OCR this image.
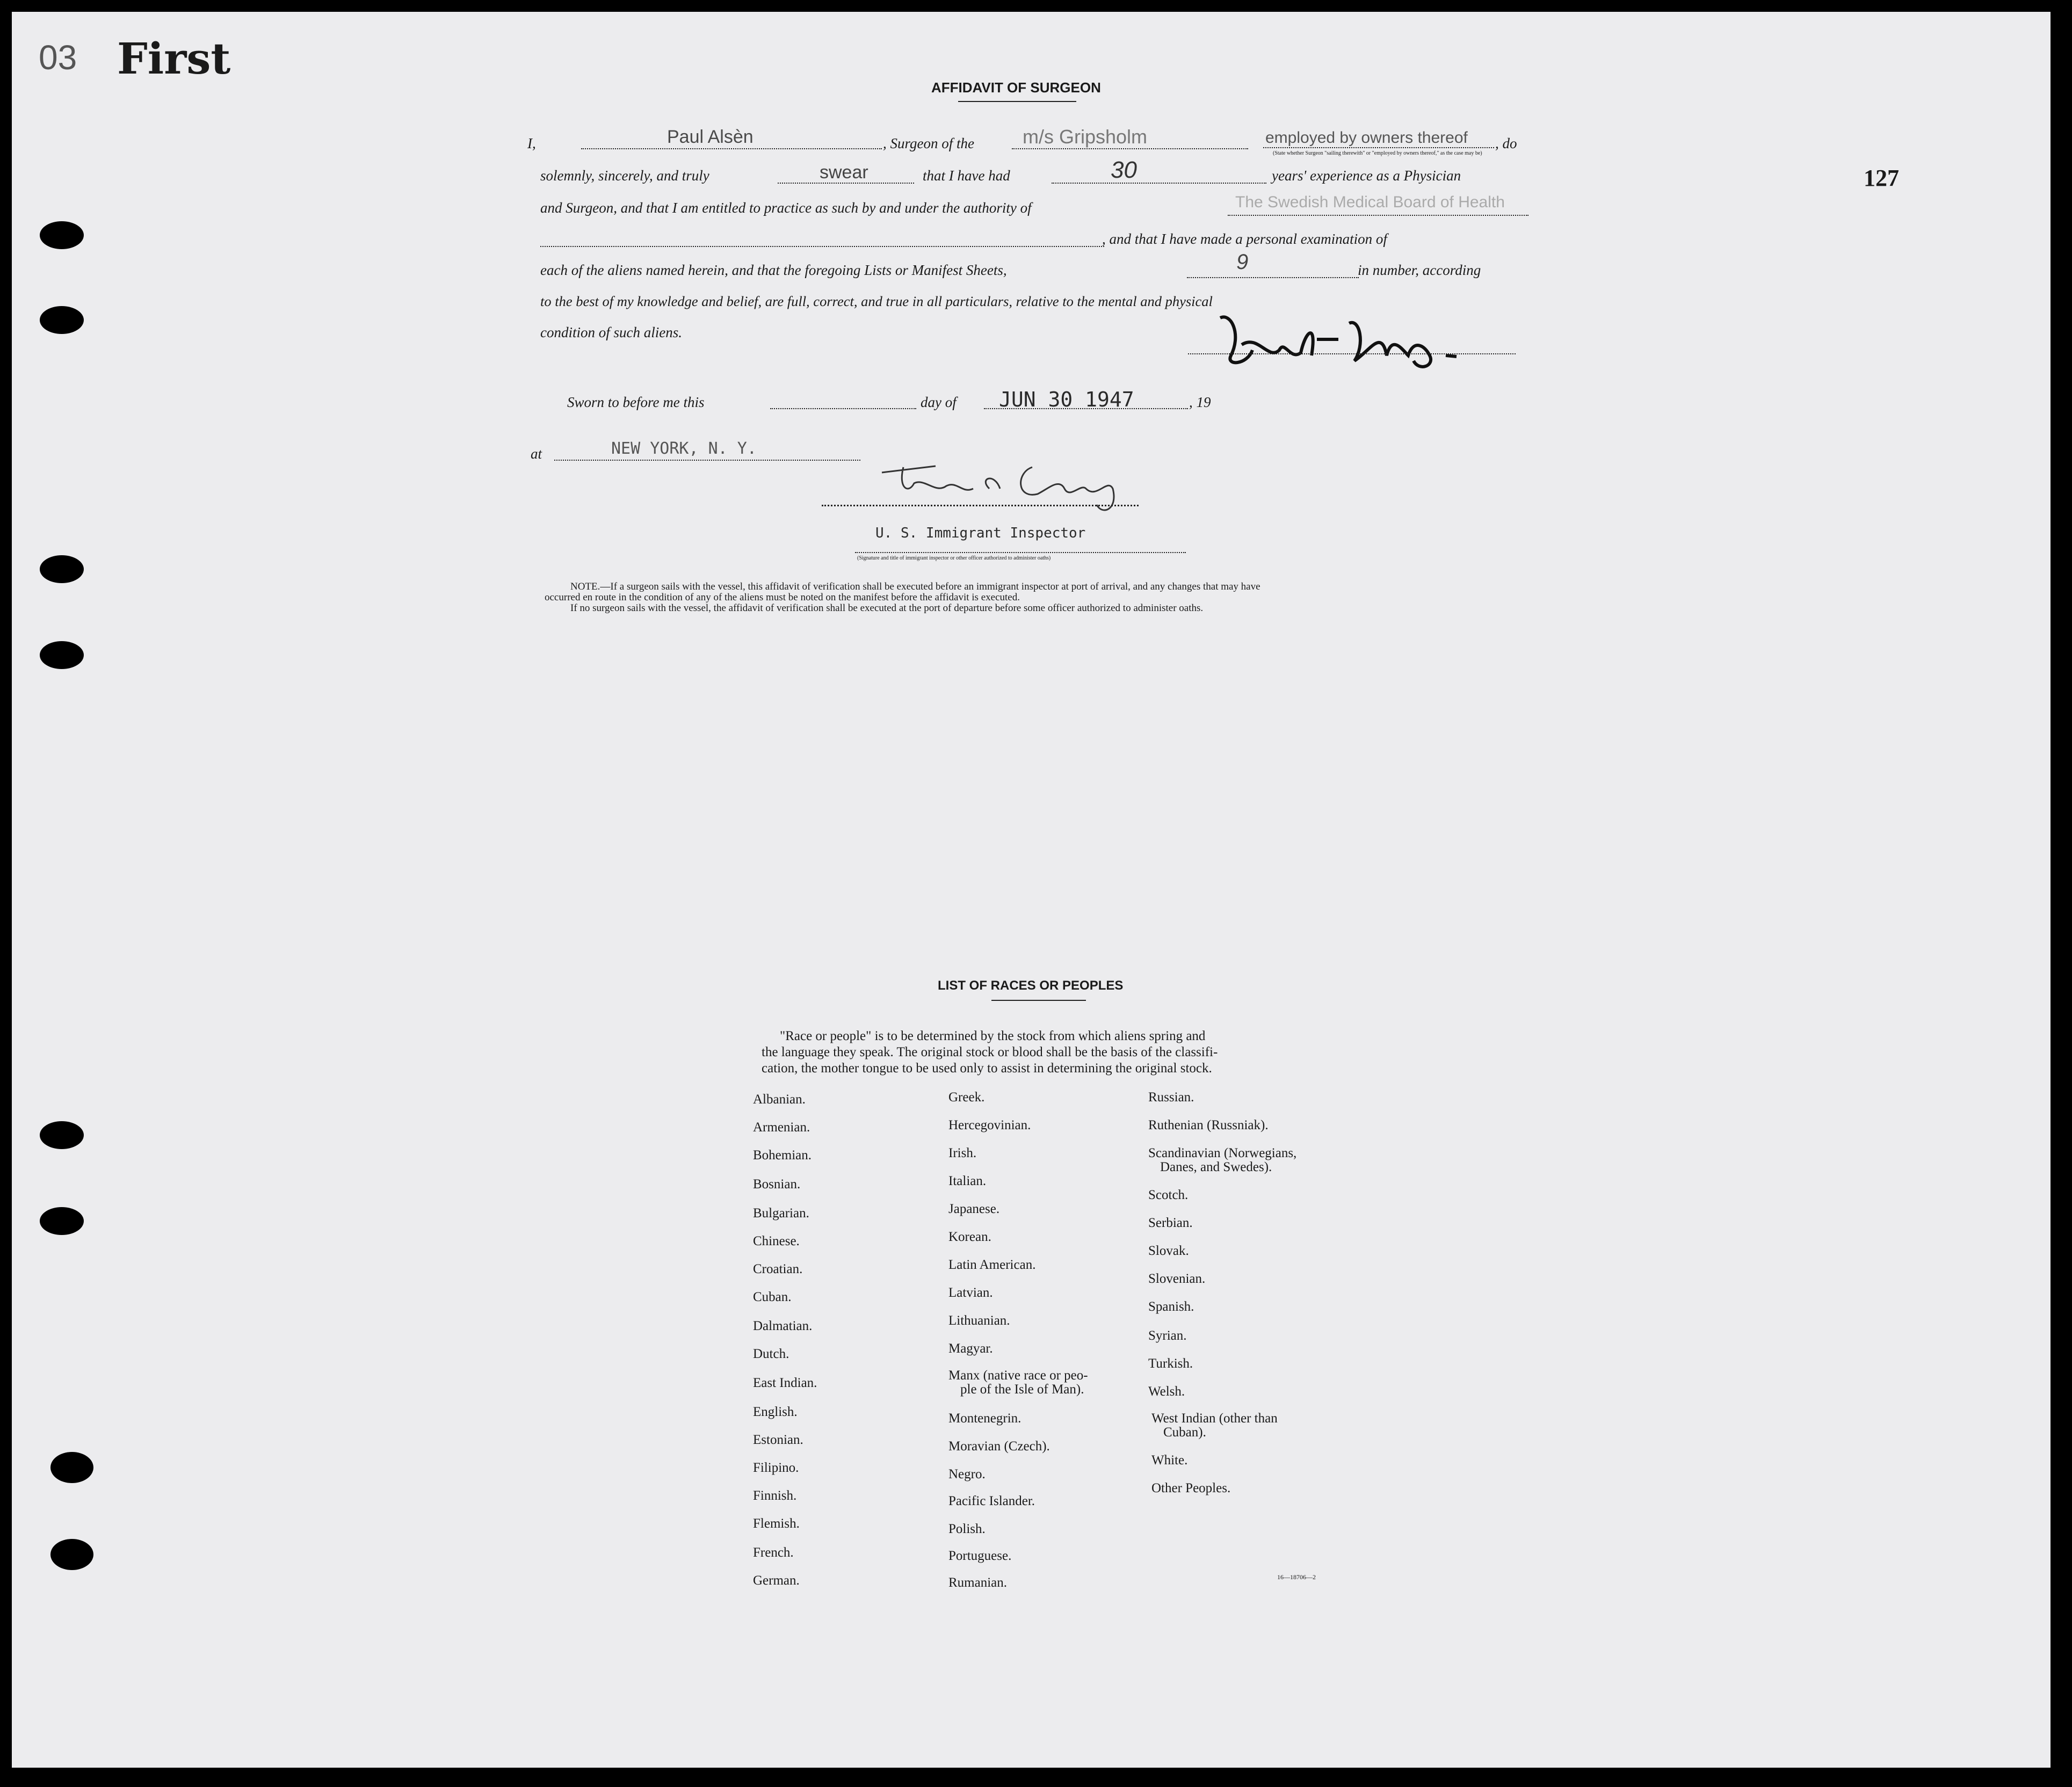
03 First
127
AFFIDAVIT OF SURGEON
I,	Paul Alsèn	, Surgeon of the	m/s Gripsholm	employed by owners thereof
(State whether Surgeon "sailing therewith" or "employed by owners thereof," as the case may be)
, do
solemnly, sincerely, and truly	swear	that I have had	30	years' experience as a Physician
and Surgeon, and that I am entitled to practice as such by and under the authority of	The Swedish Medical Board of Health
, and that I have made a personal examination of
each of the aliens named herein, and that the foregoing Lists or Manifest Sheets,	9	in number, according
to the best of my knowledge and belief, are full, correct, and true in all particulars, relative to the mental and physical
condition of such aliens.
Sworn to before me this	day of JUN 30 1947	, 19
at	NEW YORK, N. Y.
U. S. Immigrant Inspector
(Signature and title of immigrant inspector or other officer authorized to administer oaths)
NOTE.—If a surgeon sails with the vessel, this affidavit of verification shall be executed before an immigrant inspector at port of arrival, and any changes that may have
occurred en route in the condition of any of the aliens must be noted on the manifest before the affidavit is executed.
If no surgeon sails with the vessel, the affidavit of verification shall be executed at the port of departure before some officer authorized to administer oaths.
LIST OF RACES OR PEOPLES
"Race or people" is to be determined by the stock from which aliens spring and
the language they speak. The original stock or blood shall be the basis of the classifi-
cation, the mother tongue to be used only to assist in determining the original stock.
Albanian.
Armenian.
Bohemian.
Bosnian.
Bulgarian.
Chinese.
Croatian.
Cuban.
Dalmatian.
Dutch.
East Indian.
English.
Estonian.
Filipino.
Finnish.
Flemish.
French.
German.
Greek.
Hercegovinian.
Irish.
Italian.
Japanese.
Korean.
Latin American.
Latvian.
Lithuanian.
Magyar.
Manx (native race or peo-
ple of the Isle of Man).
Montenegrin.
Moravian (Czech).
Negro.
Pacific Islander.
Polish.
Portuguese.
Rumanian.
Russian.
Ruthenian (Russniak).
Scandinavian (Norwegians,
Danes, and Swedes).
Scotch.
Serbian.
Slovak.
Slovenian.
Spanish.
Syrian.
Turkish.
Welsh.
West Indian (other than
Cuban).
White.
Other Peoples.
16—18706—2
